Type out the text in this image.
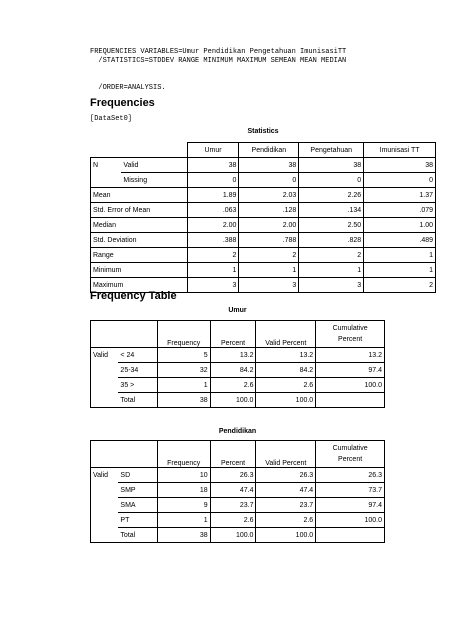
FREQUENCIES VARIABLES=Umur Pendidikan Pengetahuan ImunisasiTT
/STATISTICS=STDDEV RANGE MINIMUM MAXIMUM SEMEAN MEAN MEDIAN
/ORDER=ANALYSIS.
Frequencies
[DataSet0]
Statistics
		Umur	Pendidikan	Pengetahuan	Imunisasi TT
N	Valid	38	38	38	38
	Missing	0	0	0	0
Mean		1.89	2.03	2.26	1.37
Std. Error of Mean		.063	.128	.134	.079
Median		2.00	2.00	2.50	1.00
Std. Deviation		.388	.788	.828	.489
Range		2	2	2	1
Minimum		1	1	1	1
Maximum		3	3	3	2
Frequency Table
Umur
		Frequency	Percent	Valid Percent	Cumulative
Percent

Valid	< 24	5	13.2	13.2	13.2
	25-34	32	84.2	84.2	97.4
	35 >	1	2.6	2.6	100.0
	Total	38	100.0	100.0	
Pendidikan
		Frequency	Percent	Valid Percent	Cumulative
Percent

Valid	SD	10	26.3	26.3	26.3
	SMP	18	47.4	47.4	73.7
	SMA	9	23.7	23.7	97.4
	PT	1	2.6	2.6	100.0
	Total	38	100.0	100.0	
